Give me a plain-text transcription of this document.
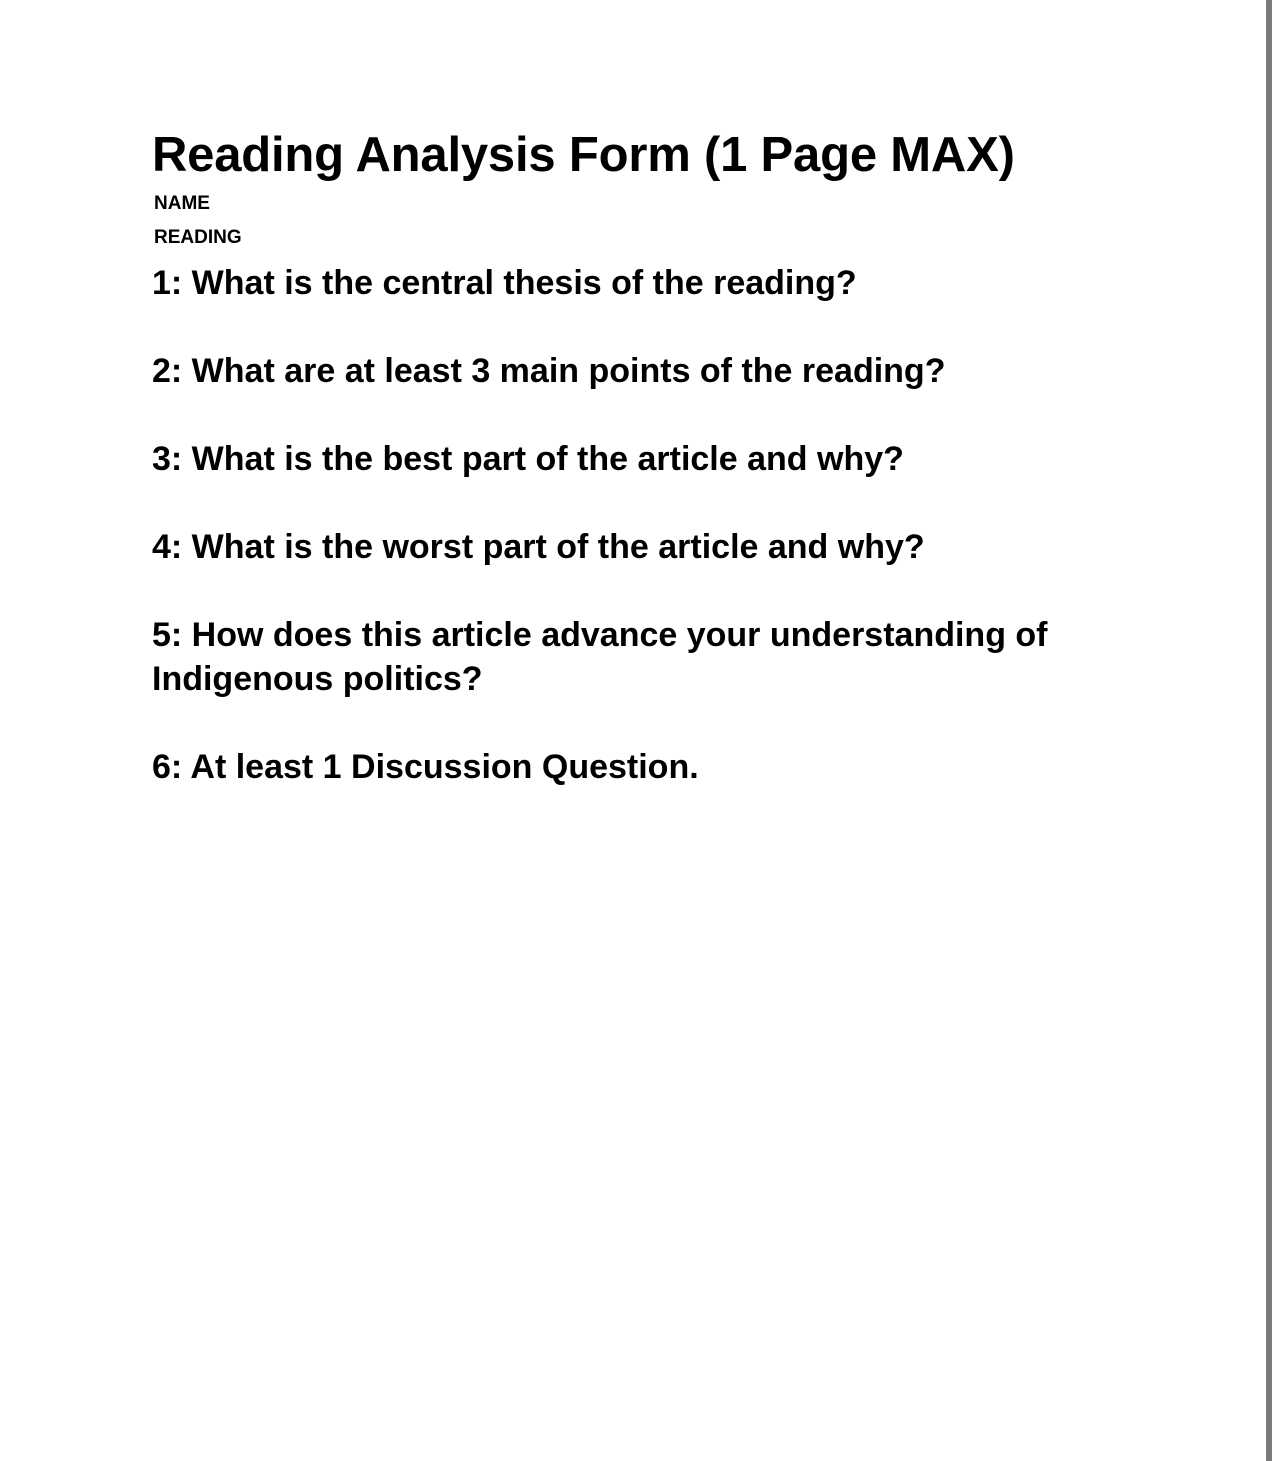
Reading Analysis Form (1 Page MAX)
NAME
READING

1: What is the central thesis of the reading?

2: What are at least 3 main points of the reading?

3: What is the best part of the article and why?

4: What is the worst part of the article and why?

5: How does this article advance your understanding of Indigenous politics?

6: At least 1 Discussion Question.
